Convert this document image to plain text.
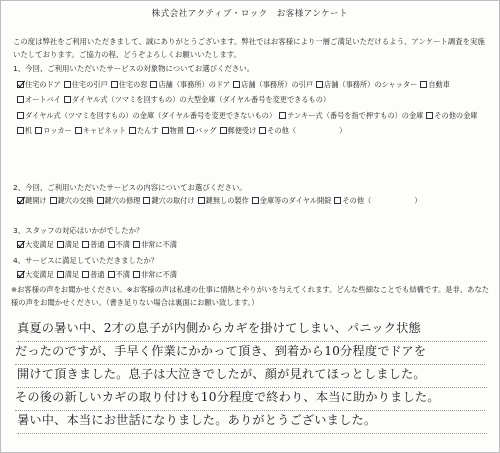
株式会社アクティブ・ロック　お客様アンケート
この度は弊社をご利用いただきまして、誠にありがとうございます。弊社ではお客様により一層ご満足いただけるよう、アンケート調査を実施いたしております。ご協力の程、どうぞよろしくお願いいたします。
1、今回、ご利用いただいたサービスの対象物についてお選びください。
住宅のドア 住宅の引戸 住宅の窓 店舗（事務所）のドア 店舗（事務所）の引戸 店舗（事務所）のシャッター 自動車オートバイ ダイヤル式（ツマミを回すもの）の大型金庫（ダイヤル番号を変更できるもの）ダイヤル式（ツマミを回すもの）の金庫（ダイヤル番号を変更できないもの） テンキー式（番号を指で押すもの）の金庫 その他の金庫机 ロッカー キャビネット たんす 物置 バッグ 郵便受け その他（　　　　　　）
2、今回、ご利用いただいたサービスの内容についてお選びください。
鍵開け 鍵穴の交換 鍵穴の修理 鍵穴の取付け 鍵無しの製作 金庫等のダイヤル開錠 その他（　　　　　　）
3、スタッフの対応はいかがでしたか？
大変満足 満足 普通 不満 非常に不満
4、サービスに満足していただきましたか？
大変満足 満足 普通 不満 非常に不満
※お客様の声をお聞かせください。※お客様の声は私達の仕事に情熱とやりがいを与えてくれます。どんな些細なことでも結構です。是非、あなた様の声をお聞かせください。（書き足りない場合は裏面にお願い致します。）
真夏の暑い中、2才の息子が内側からカギを掛けてしまい、パニック状態
だったのですが、手早く作業にかかって頂き、到着から10分程度でドアを
開けて頂きました。息子は大泣きでしたが、顔が見れてほっとしました。
その後の新しいカギの取り付けも10分程度で終わり、本当に助かりました。
暑い中、本当にお世話になりました。ありがとうございました。
